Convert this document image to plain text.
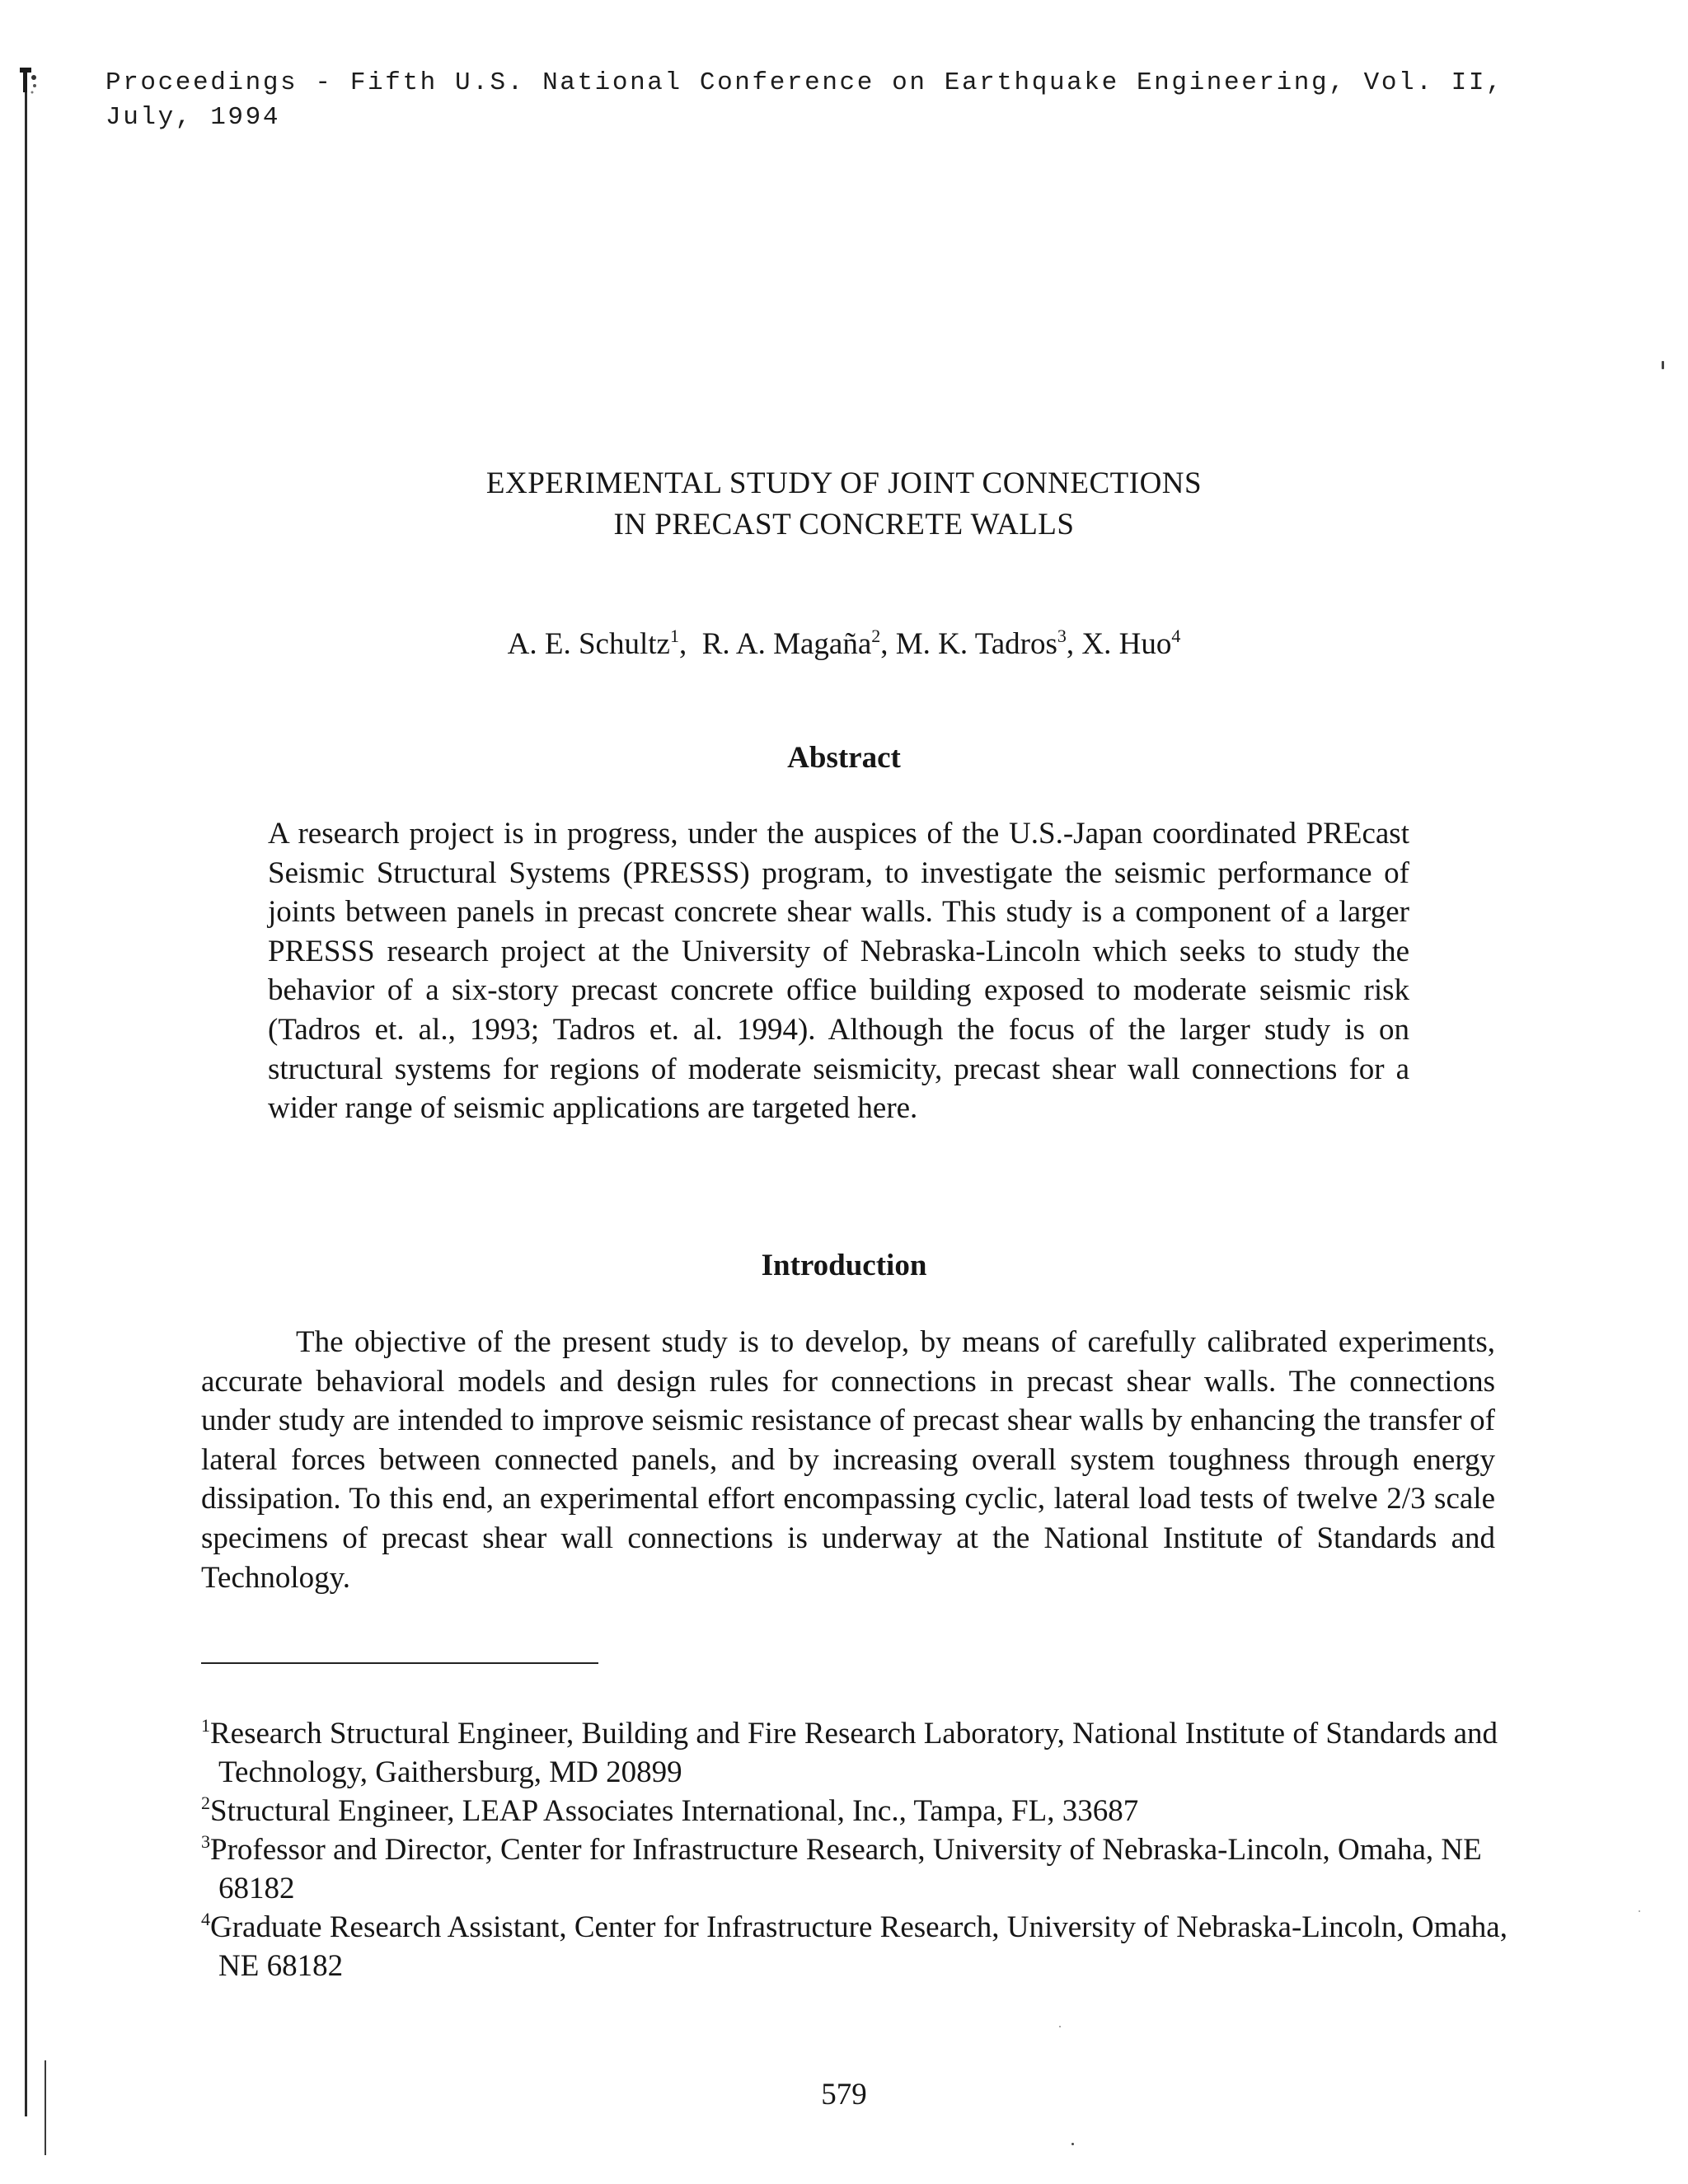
Proceedings - Fifth U.S. National Conference on Earthquake Engineering, Vol. II,
July, 1994
EXPERIMENTAL STUDY OF JOINT CONNECTIONS
IN PRECAST CONCRETE WALLS
A. E. Schultz$^1$,  R. A. Magaña$^2$, M. K. Tadros$^3$, X. Huo$^4$
Abstract
A research project is in progress, under the auspices of the U.S.-Japan coordinated PREcast Seismic Structural Systems (PRESSS) program, to investigate the seismic performance of joints between panels in precast concrete shear walls. This study is a component of a larger PRESSS research project at the University of Nebraska-Lincoln which seeks to study the behavior of a six-story precast concrete office building exposed to moderate seismic risk (Tadros et. al., 1993; Tadros et. al. 1994). Although the focus of the larger study is on structural systems for regions of moderate seismicity, precast shear wall connections for a wider range of seismic applications are targeted here.
Introduction
The objective of the present study is to develop, by means of carefully calibrated experiments, accurate behavioral models and design rules for connections in precast shear walls. The connections under study are intended to improve seismic resistance of precast shear walls by enhancing the transfer of lateral forces between connected panels, and by increasing overall system toughness through energy dissipation. To this end, an experimental effort encompassing cyclic, lateral load tests of twelve 2/3 scale specimens of precast shear wall connections is underway at the National Institute of Standards and Technology.
$^1$Research Structural Engineer, Building and Fire Research Laboratory, National Institute of Standards and Technology, Gaithersburg, MD 20899
$^2$Structural Engineer, LEAP Associates International, Inc., Tampa, FL, 33687
$^3$Professor and Director, Center for Infrastructure Research, University of Nebraska-Lincoln, Omaha, NE 68182
$^4$Graduate Research Assistant, Center for Infrastructure Research, University of Nebraska-Lincoln, Omaha, NE 68182
579
